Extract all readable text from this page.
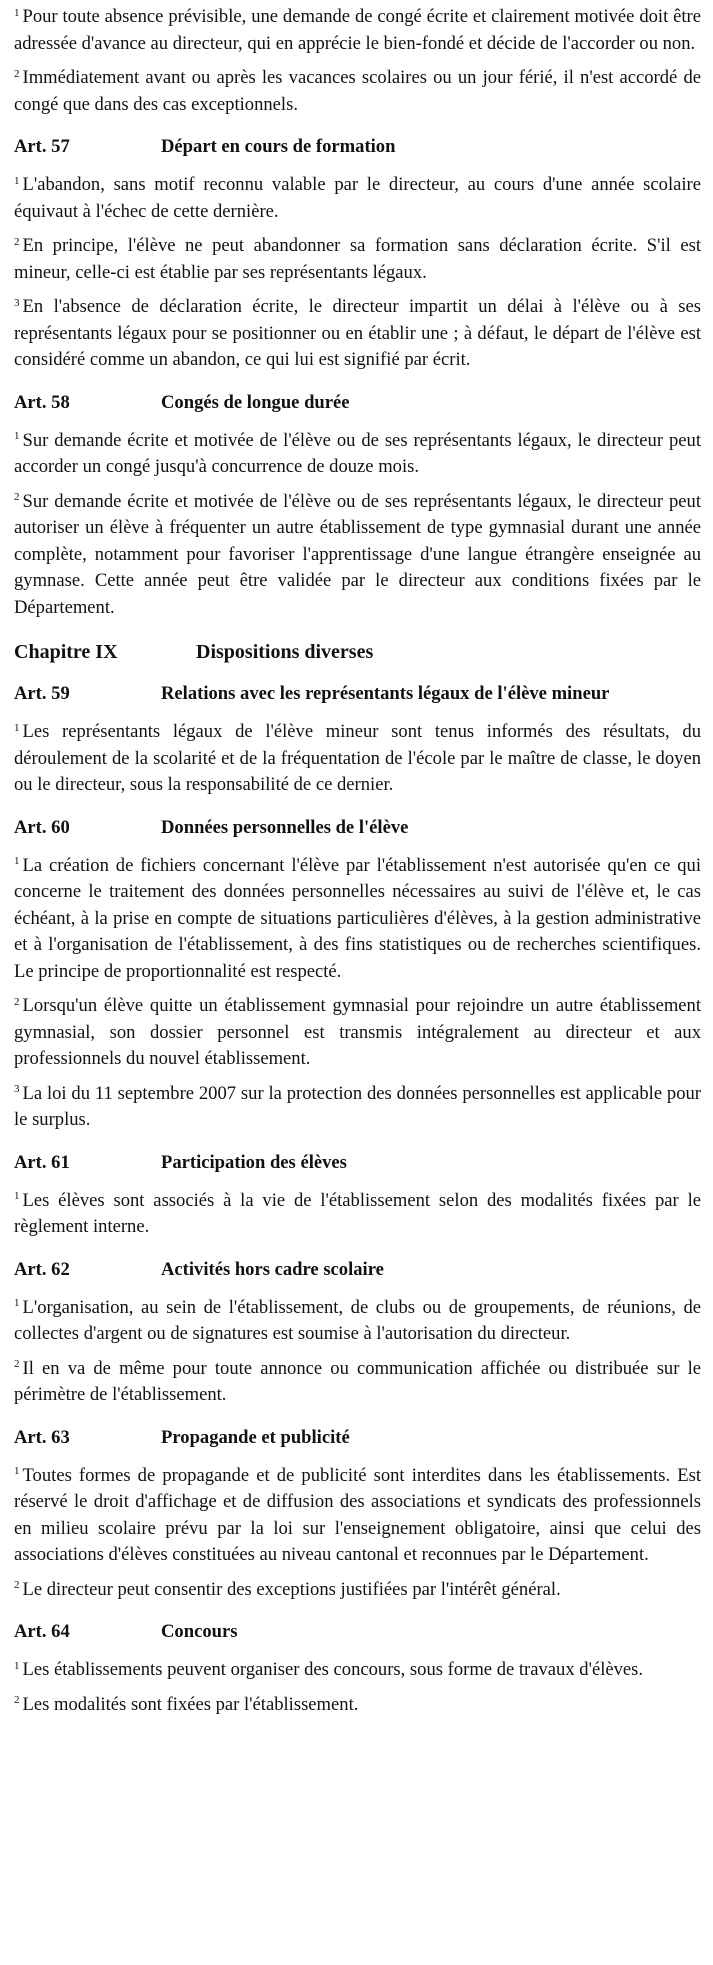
$^1$ Pour toute absence prévisible, une demande de congé écrite et clairement motivée doit être adressée d'avance au directeur, qui en apprécie le bien-fondé et décide de l'accorder ou non.

$^2$ Immédiatement avant ou après les vacances scolaires ou un jour férié, il n'est accordé de congé que dans des cas exceptionnels.

Art. 57	Départ en cours de formation

$^1$ L'abandon, sans motif reconnu valable par le directeur, au cours d'une année scolaire équivaut à l'échec de cette dernière.

$^2$ En principe, l'élève ne peut abandonner sa formation sans déclaration écrite. S'il est mineur, celle-ci est établie par ses représentants légaux.

$^3$ En l'absence de déclaration écrite, le directeur impartit un délai à l'élève ou à ses représentants légaux pour se positionner ou en établir une ; à défaut, le départ de l'élève est considéré comme un abandon, ce qui lui est signifié par écrit.

Art. 58	Congés de longue durée

$^1$ Sur demande écrite et motivée de l'élève ou de ses représentants légaux, le directeur peut accorder un congé jusqu'à concurrence de douze mois.

$^2$ Sur demande écrite et motivée de l'élève ou de ses représentants légaux, le directeur peut autoriser un élève à fréquenter un autre établissement de type gymnasial durant une année complète, notamment pour favoriser l'apprentissage d'une langue étrangère enseignée au gymnase. Cette année peut être validée par le directeur aux conditions fixées par le Département.

Chapitre IX	Dispositions diverses
Art. 59	Relations avec les représentants légaux de l'élève mineur

$^1$ Les représentants légaux de l'élève mineur sont tenus informés des résultats, du déroulement de la scolarité et de la fréquentation de l'école par le maître de classe, le doyen ou le directeur, sous la responsabilité de ce dernier.

Art. 60	Données personnelles de l'élève

$^1$ La création de fichiers concernant l'élève par l'établissement n'est autorisée qu'en ce qui concerne le traitement des données personnelles nécessaires au suivi de l'élève et, le cas échéant, à la prise en compte de situations particulières d'élèves, à la gestion administrative et à l'organisation de l'établissement, à des fins statistiques ou de recherches scientifiques. Le principe de proportionnalité est respecté.

$^2$ Lorsqu'un élève quitte un établissement gymnasial pour rejoindre un autre établissement gymnasial, son dossier personnel est transmis intégralement au directeur et aux professionnels du nouvel établissement.

$^3$ La loi du 11 septembre 2007 sur la protection des données personnelles est applicable pour le surplus.

Art. 61	Participation des élèves

$^1$ Les élèves sont associés à la vie de l'établissement selon des modalités fixées par le règlement interne.

Art. 62	Activités hors cadre scolaire

$^1$ L'organisation, au sein de l'établissement, de clubs ou de groupements, de réunions, de collectes d'argent ou de signatures est soumise à l'autorisation du directeur.

$^2$ Il en va de même pour toute annonce ou communication affichée ou distribuée sur le périmètre de l'établissement.

Art. 63	Propagande et publicité

$^1$ Toutes formes de propagande et de publicité sont interdites dans les établissements. Est réservé le droit d'affichage et de diffusion des associations et syndicats des professionnels en milieu scolaire prévu par la loi sur l'enseignement obligatoire, ainsi que celui des associations d'élèves constituées au niveau cantonal et reconnues par le Département.

$^2$ Le directeur peut consentir des exceptions justifiées par l'intérêt général.

Art. 64	Concours

$^1$ Les établissements peuvent organiser des concours, sous forme de travaux d'élèves.

$^2$ Les modalités sont fixées par l'établissement.
